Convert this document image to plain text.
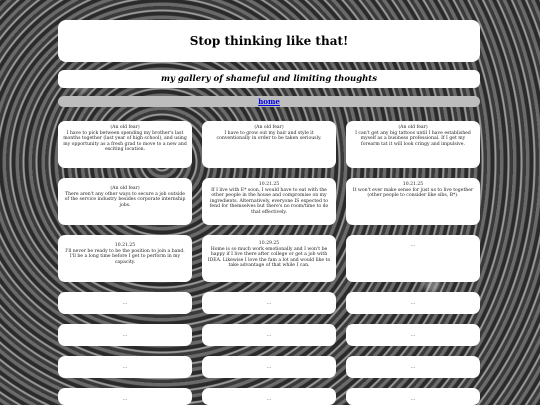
Stop thinking like that!
my gallery of shameful and limiting thoughts
home
(An old fear)
I have to pick between spending my brother's last months together (last year of high school), and using my opportunity as a fresh grad to move to a new and exciting location.
(An old fear)
I have to grow out my hair and style it conventionally in order to be taken seriously.
(An old fear)
I can't get any big tattoos until I have established myself as a business professional. If I get my forearm tat it will look cringy and impulsive.
(An old fear)
There aren't any other ways to secure a job outside of the service industry besides corporate internship jobs.
10.21.25
If I live with E* soon, I would have to eat with the other people in the house and compromise on my ingredients. Alternatively, everyone IS expected to fend for themselves but there's no room/time to do that effectively.
10.21.25
It won't ever make sense for just us to live together (other people to consider like sibs, B*).
10.21.25
I'll never be ready to be the position to join a band. I'll be a long time before I get to perform in my capacity.
10.29.25
Home is so much work emotionally and I won't be happy if I live there after college or get a job with IDEA. Likewise I love the fam a lot and would like to take advantage of that while I can.
...
...	...	...
...	...	...
...	...	...
...	...	...
